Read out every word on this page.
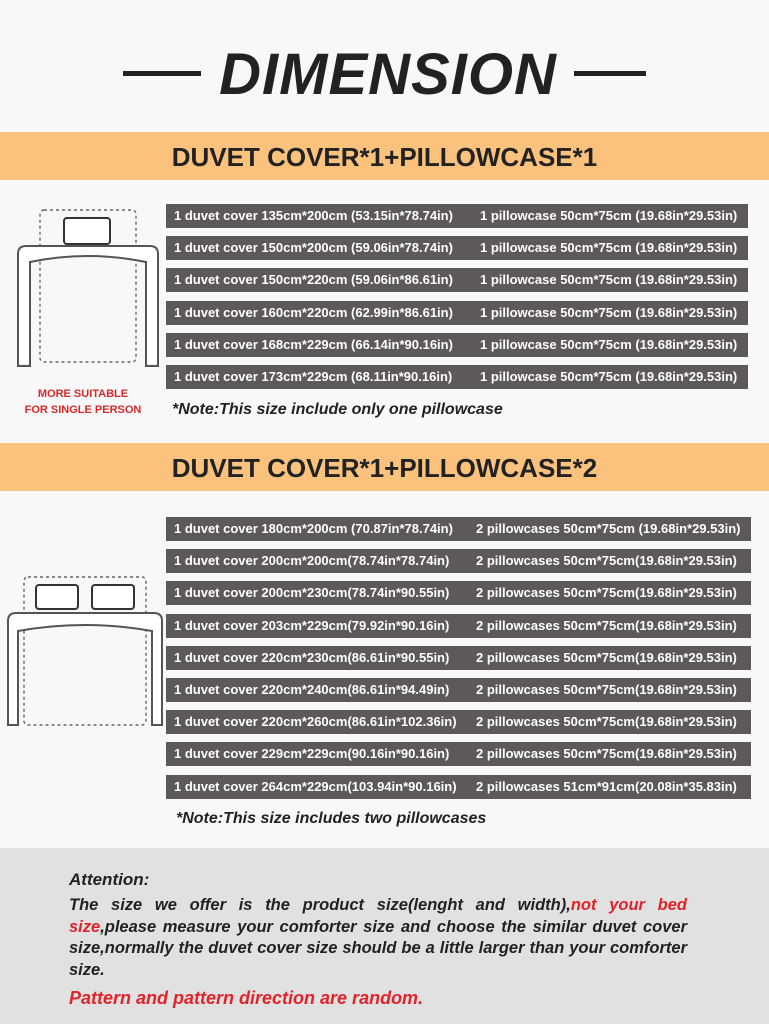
DIMENSION
DUVET COVER*1+PILLOWCASE*1
1 duvet cover 135cm*200cm (53.15in*78.74in) 1 pillowcase 50cm*75cm (19.68in*29.53in)
1 duvet cover 150cm*200cm (59.06in*78.74in) 1 pillowcase 50cm*75cm (19.68in*29.53in)
1 duvet cover 150cm*220cm (59.06in*86.61in) 1 pillowcase 50cm*75cm (19.68in*29.53in)
1 duvet cover 160cm*220cm (62.99in*86.61in) 1 pillowcase 50cm*75cm (19.68in*29.53in)
1 duvet cover 168cm*229cm (66.14in*90.16in) 1 pillowcase 50cm*75cm (19.68in*29.53in)
1 duvet cover 173cm*229cm (68.11in*90.16in) 1 pillowcase 50cm*75cm (19.68in*29.53in)
MORE SUITABLE
FOR SINGLE PERSON	*Note:This size include only one pillowcase
DUVET COVER*1+PILLOWCASE*2
1 duvet cover 180cm*200cm (70.87in*78.74in) 2 pillowcases 50cm*75cm (19.68in*29.53in)
1 duvet cover 200cm*200cm(78.74in*78.74in) 2 pillowcases 50cm*75cm(19.68in*29.53in)
1 duvet cover 200cm*230cm(78.74in*90.55in) 2 pillowcases 50cm*75cm(19.68in*29.53in)
1 duvet cover 203cm*229cm(79.92in*90.16in) 2 pillowcases 50cm*75cm(19.68in*29.53in)
1 duvet cover 220cm*230cm(86.61in*90.55in) 2 pillowcases 50cm*75cm(19.68in*29.53in)
1 duvet cover 220cm*240cm(86.61in*94.49in) 2 pillowcases 50cm*75cm(19.68in*29.53in)
1 duvet cover 220cm*260cm(86.61in*102.36in) 2 pillowcases 50cm*75cm(19.68in*29.53in)
1 duvet cover 229cm*229cm(90.16in*90.16in) 2 pillowcases 50cm*75cm(19.68in*29.53in)
1 duvet cover 264cm*229cm(103.94in*90.16in) 2 pillowcases 51cm*91cm(20.08in*35.83in)
*Note:This size includes two pillowcases
Attention:
The size we offer is the product size(lenght and width),not your bed size,please measure your comforter size and choose the similar duvet cover size,normally the duvet cover size should be a little larger than your comforter size.
Pattern and pattern direction are random.
